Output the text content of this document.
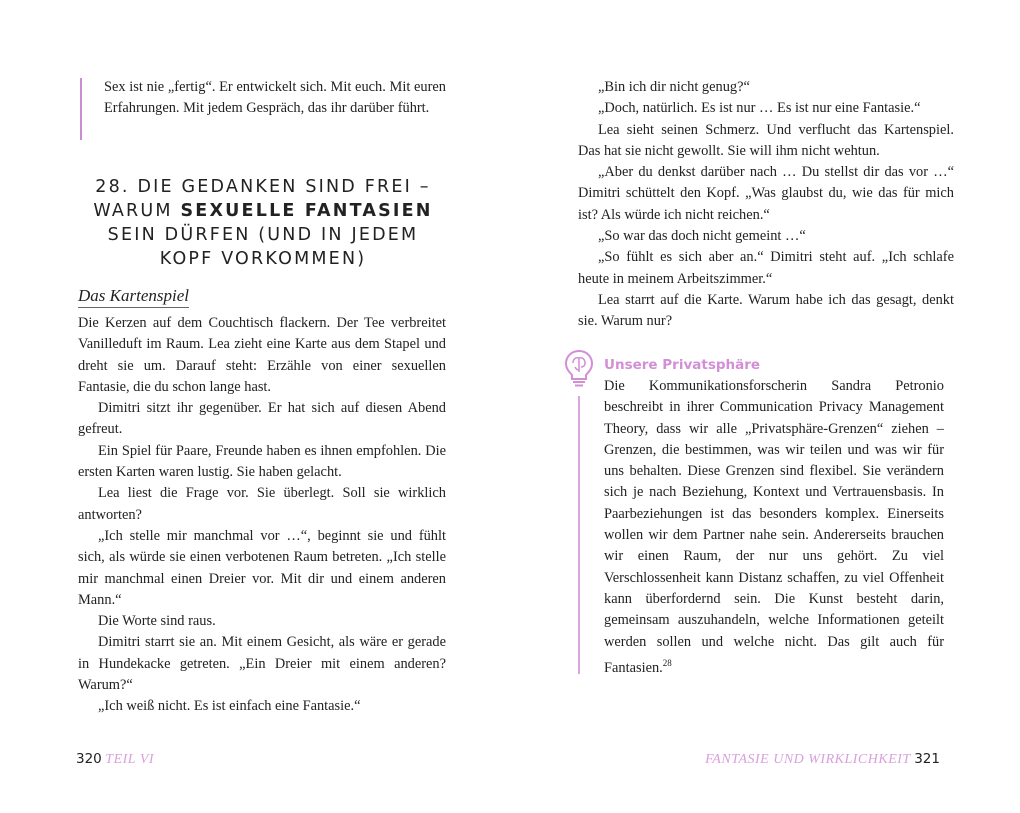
Sex ist nie „fertig“. Er entwickelt sich. Mit euch. Mit euren Erfahrungen. Mit jedem Gespräch, das ihr darüber führt.
28. DIE GEDANKEN SIND FREI –
WARUM SEXUELLE FANTASIEN
SEIN DÜRFEN (UND IN JEDEM
KOPF VORKOMMEN)
Das Kartenspiel

Die Kerzen auf dem Couchtisch flackern. Der Tee verbreitet Vanilleduft im Raum. Lea zieht eine Karte aus dem Stapel und dreht sie um. Darauf steht: Erzähle von einer sexuellen Fantasie, die du schon lange hast.

Dimitri sitzt ihr gegenüber. Er hat sich auf diesen Abend gefreut.

Ein Spiel für Paare, Freunde haben es ihnen empfohlen. Die ersten Karten waren lustig. Sie haben gelacht.

Lea liest die Frage vor. Sie überlegt. Soll sie wirklich antworten?

„Ich stelle mir manchmal vor …“, beginnt sie und fühlt sich, als würde sie einen verbotenen Raum betreten. „Ich stelle mir manchmal einen Dreier vor. Mit dir und einem anderen Mann.“

Die Worte sind raus.

Dimitri starrt sie an. Mit einem Gesicht, als wäre er gerade in Hundekacke getreten. „Ein Dreier mit einem anderen? Warum?“

„Ich weiß nicht. Es ist einfach eine Fantasie.“

320 TEIL VI

„Bin ich dir nicht genug?“

„Doch, natürlich. Es ist nur … Es ist nur eine Fantasie.“

Lea sieht seinen Schmerz. Und verflucht das Kartenspiel. Das hat sie nicht gewollt. Sie will ihm nicht wehtun.

„Aber du denkst darüber nach … Du stellst dir das vor …“ Dimitri schüttelt den Kopf. „Was glaubst du, wie das für mich ist? Als würde ich nicht reichen.“

„So war das doch nicht gemeint …“

„So fühlt es sich aber an.“ Dimitri steht auf. „Ich schlafe heute in meinem Arbeitszimmer.“

Lea starrt auf die Karte. Warum habe ich das gesagt, denkt sie. Warum nur?

Unsere Privatsphäre
Die Kommunikationsforscherin Sandra Petronio beschreibt in ihrer Communication Privacy Management Theory, dass wir alle „Privatsphäre-Grenzen“ ziehen – Grenzen, die bestimmen, was wir teilen und was wir für uns behalten. Diese Grenzen sind flexibel. Sie verändern sich je nach Beziehung, Kontext und Vertrauensbasis. In Paarbeziehungen ist das besonders komplex. Einerseits wollen wir dem Partner nahe sein. Andererseits brauchen wir einen Raum, der nur uns gehört. Zu viel Verschlossenheit kann Distanz schaffen, zu viel Offenheit kann überfordernd sein. Die Kunst besteht darin, gemeinsam auszuhandeln, welche Informationen geteilt werden sollen und welche nicht. Das gilt auch für Fantasien.$^{28}$
FANTASIE UND WIRKLICHKEIT 321
